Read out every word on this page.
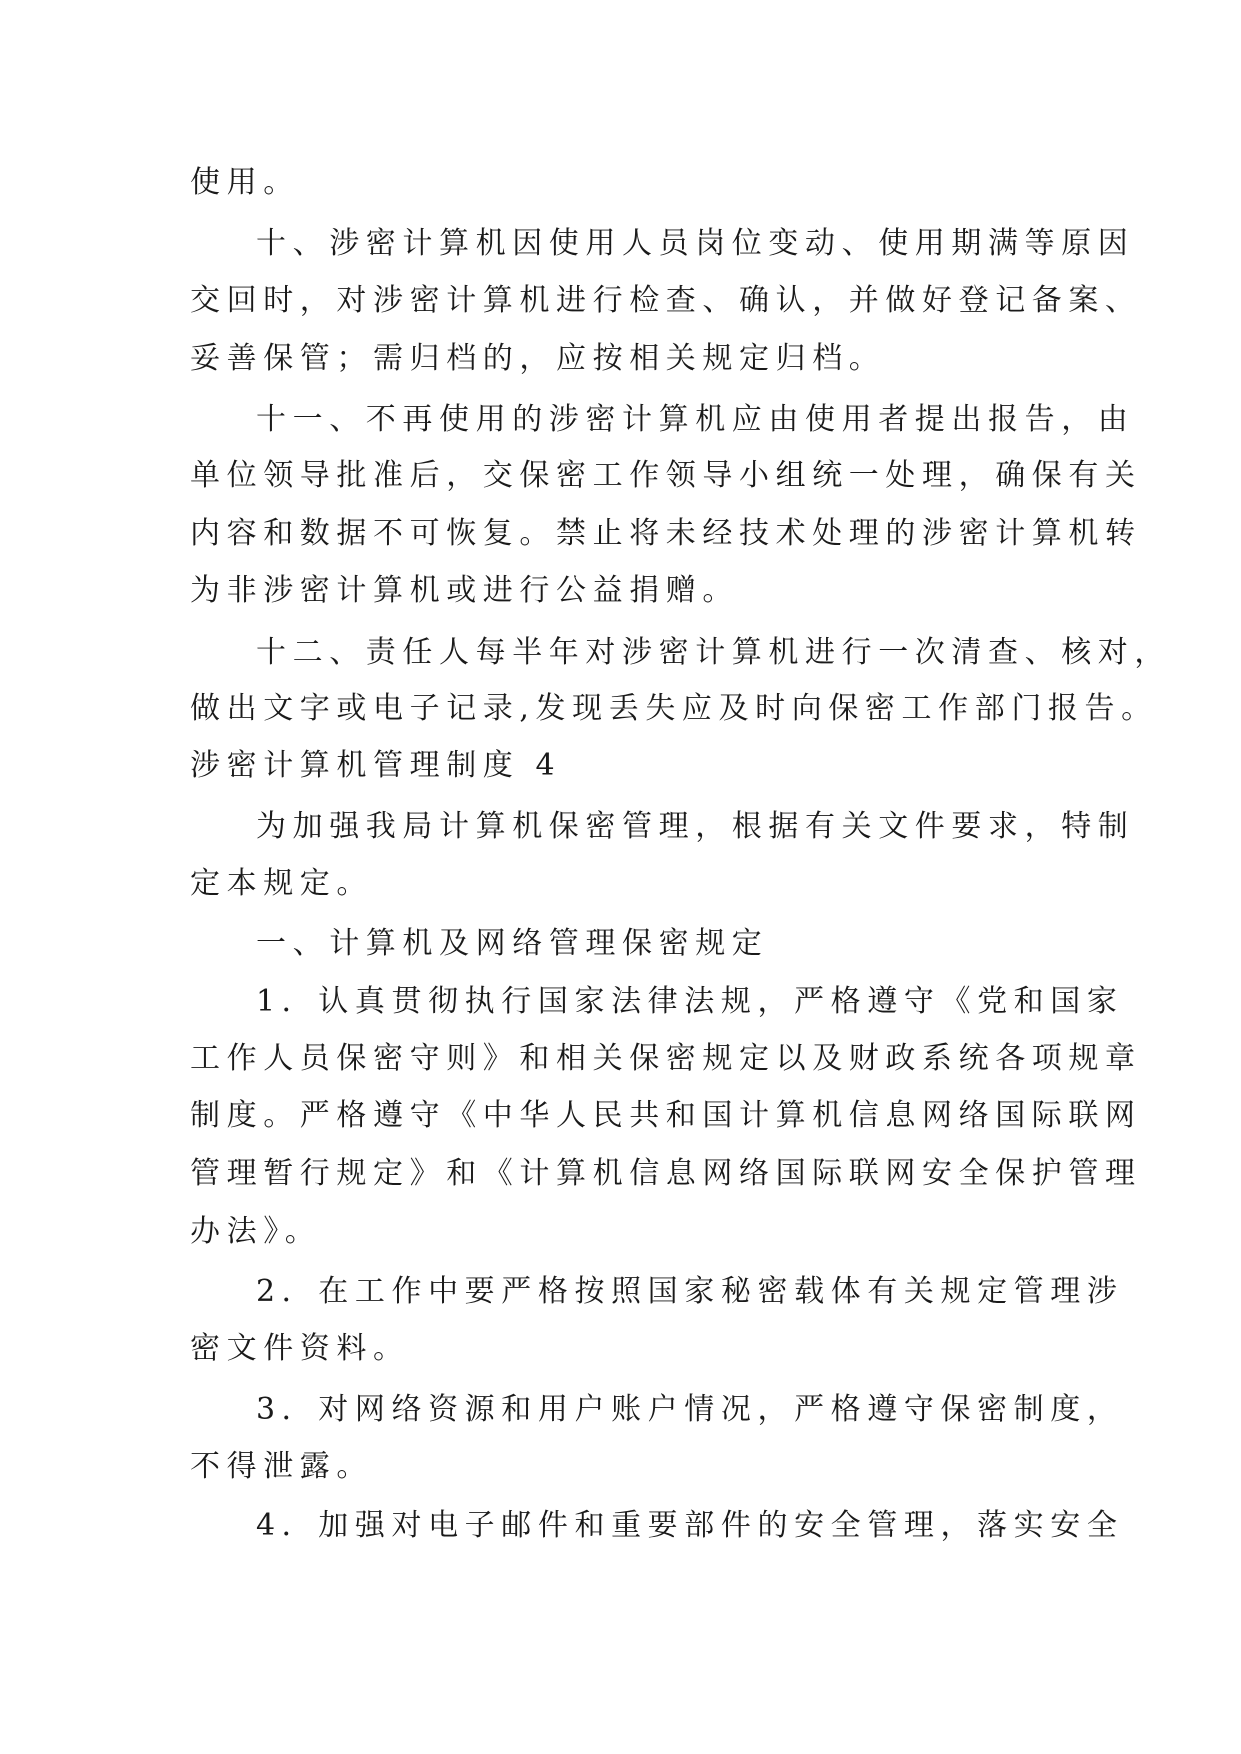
使用。

十、涉密计算机因使用人员岗位变动、使用期满等原因

交回时，对涉密计算机进行检查、确认，并做好登记备案、

妥善保管；需归档的，应按相关规定归档。

十一、不再使用的涉密计算机应由使用者提出报告，由

单位领导批准后，交保密工作领导小组统一处理，确保有关

内容和数据不可恢复。禁止将未经技术处理的涉密计算机转

为非涉密计算机或进行公益捐赠。

十二、责任人每半年对涉密计算机进行一次清查、核对，

做出文字或电子记录,发现丢失应及时向保密工作部门报告。

涉密计算机管理制度 4

为加强我局计算机保密管理，根据有关文件要求，特制

定本规定。

一、计算机及网络管理保密规定

1．认真贯彻执行国家法律法规，严格遵守《党和国家

工作人员保密守则》和相关保密规定以及财政系统各项规章

制度。严格遵守《中华人民共和国计算机信息网络国际联网

管理暂行规定》和《计算机信息网络国际联网安全保护管理

办法》。

2．在工作中要严格按照国家秘密载体有关规定管理涉

密文件资料。

3．对网络资源和用户账户情况，严格遵守保密制度，

不得泄露。

4．加强对电子邮件和重要部件的安全管理，落实安全
